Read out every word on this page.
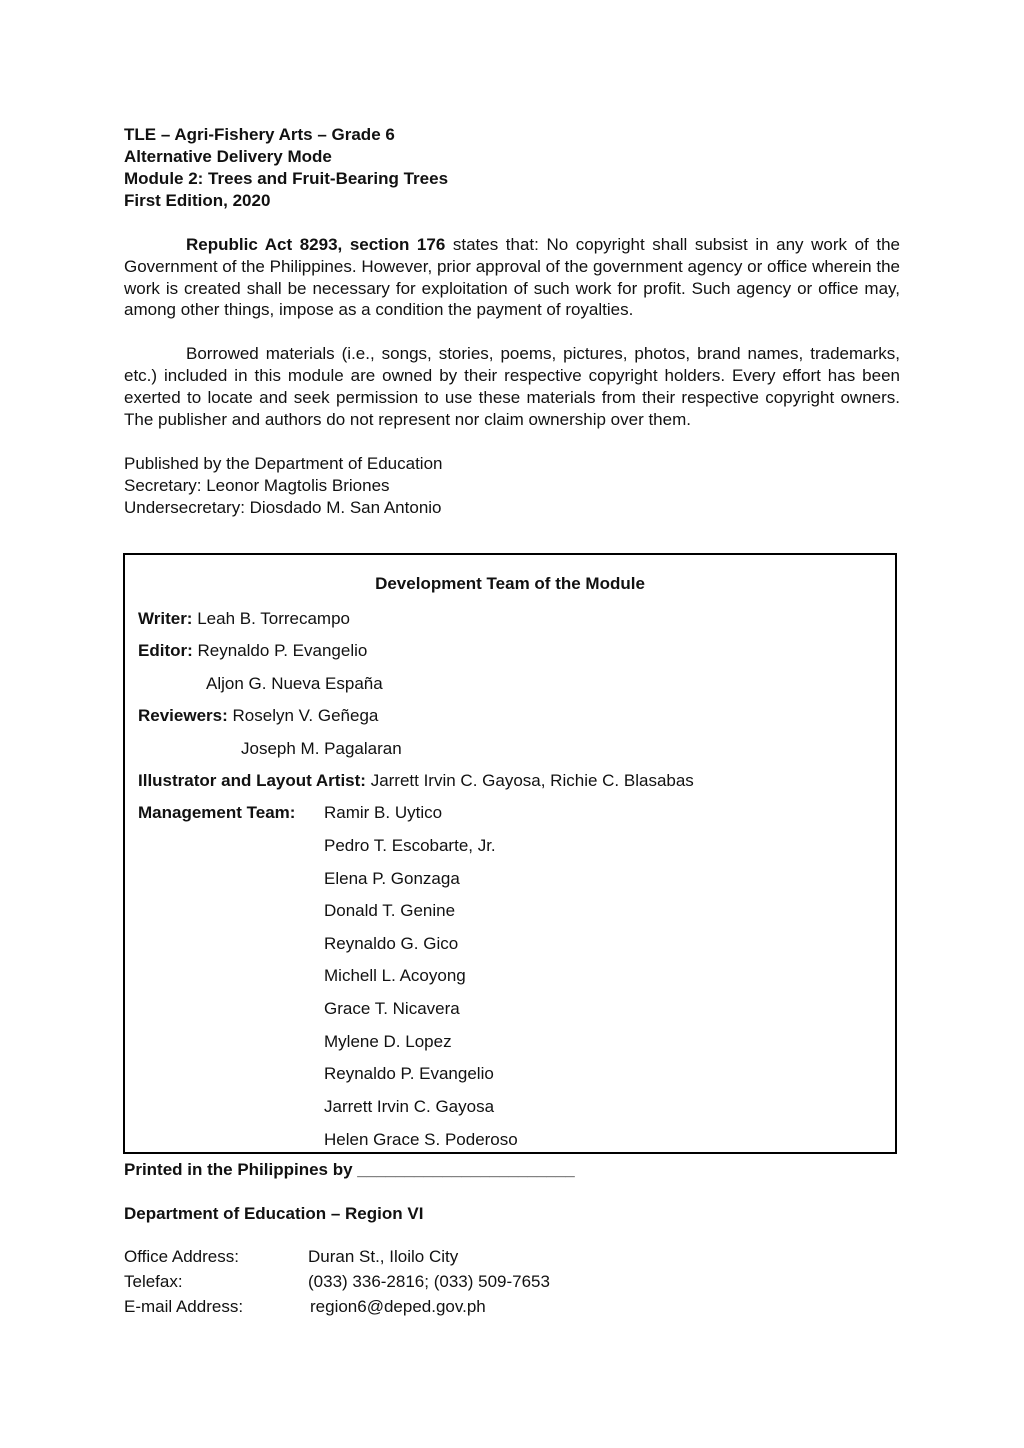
TLE – Agri-Fishery Arts – Grade 6

Alternative Delivery Mode

Module 2: Trees and Fruit-Bearing Trees

First Edition, 2020

Republic Act 8293, section 176 states that: No copyright shall subsist in any work of the Government of the Philippines. However, prior approval of the government agency or office wherein the work is created shall be necessary for exploitation of such work for profit. Such agency or office may, among other things, impose as a condition the payment of royalties.

Borrowed materials (i.e., songs, stories, poems, pictures, photos, brand names, trademarks, etc.) included in this module are owned by their respective copyright holders. Every effort has been exerted to locate and seek permission to use these materials from their respective copyright owners. The publisher and authors do not represent nor claim ownership over them.

Published by the Department of Education
Secretary: Leonor Magtolis Briones
Undersecretary: Diosdado M. San Antonio
Development Team of the Module
Writer: Leah B. Torrecampo
Editor: Reynaldo P. Evangelio
Aljon G. Nueva España
Reviewers: Roselyn V. Geñega
Joseph M. Pagalaran
Illustrator and Layout Artist: Jarrett Irvin C. Gayosa, Richie C. Blasabas
Management Team: Ramir B. Uytico
Pedro T. Escobarte, Jr.
Elena P. Gonzaga
Donald T. Genine
Reynaldo G. Gico
Michell L. Acoyong
Grace T. Nicavera
Mylene D. Lopez
Reynaldo P. Evangelio
Jarrett Irvin C. Gayosa
Helen Grace S. Poderoso
Printed in the Philippines by _______________________
Department of Education – Region VI
Office Address:	Duran St., Iloilo City
Telefax:	(033) 336-2816; (033) 509-7653
E-mail Address:	region6@deped.gov.ph
